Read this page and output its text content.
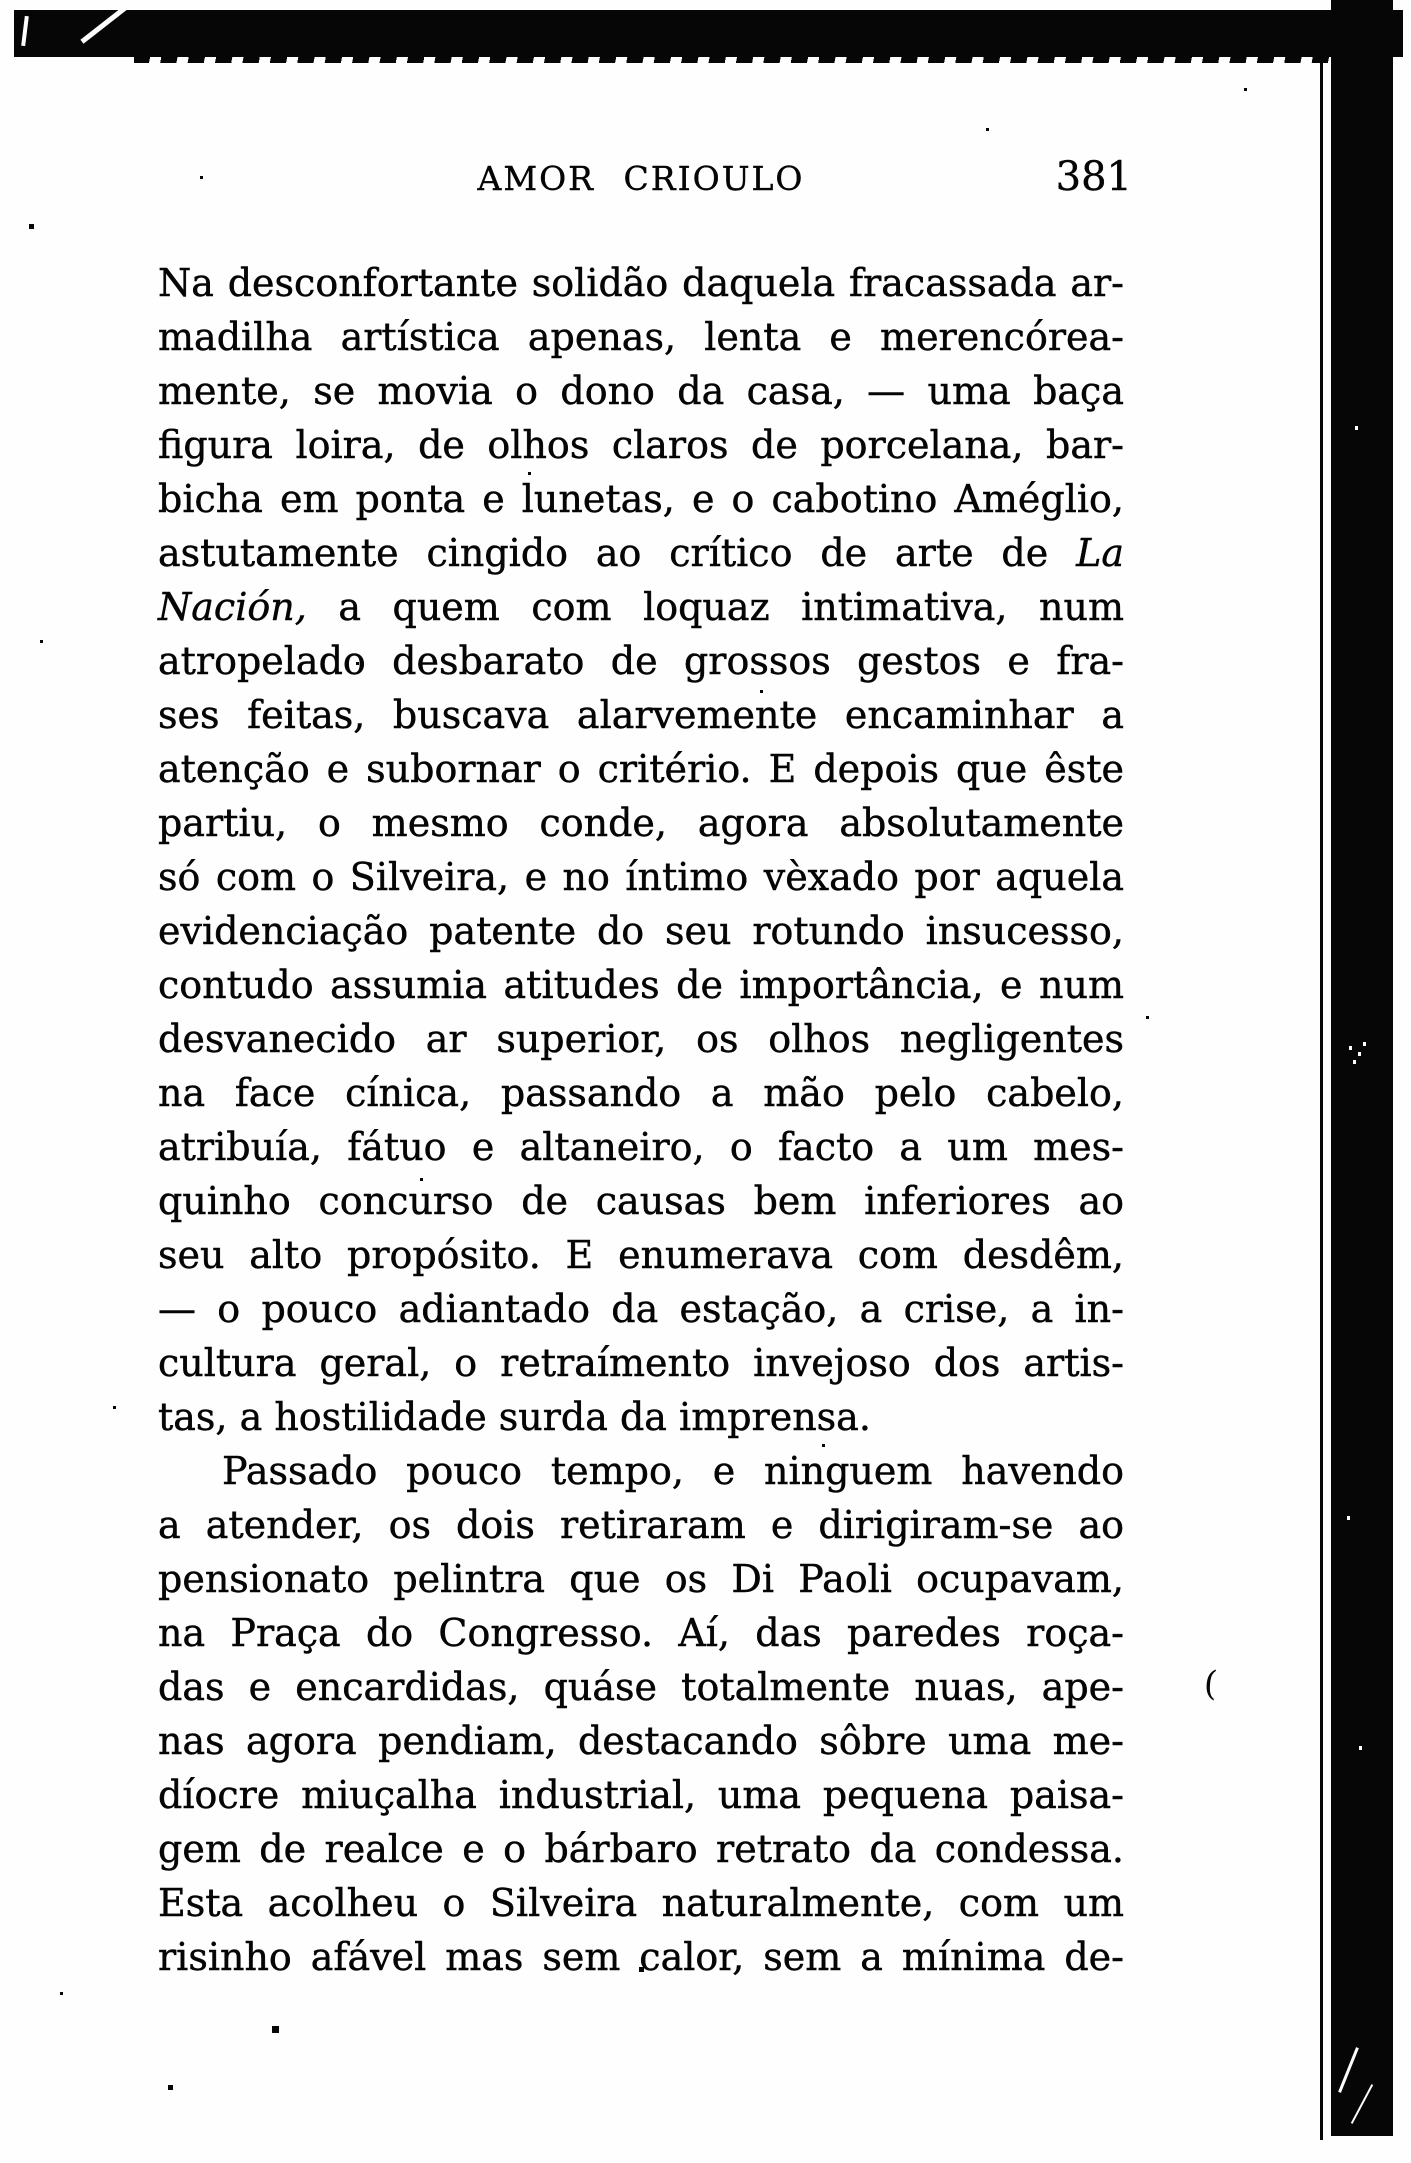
AMOR CRIOULO	381
Na desconfortante solidão daquela fracassada ar-
madilha artística apenas, lenta e merencórea-
mente, se movia o dono da casa, — uma baça
figura loira, de olhos claros de porcelana, bar-
bicha em ponta e lunetas, e o cabotino Améglio,
astutamente cingido ao crítico de arte de La
Nación, a quem com loquaz intimativa, num
atropelado desbarato de grossos gestos e fra-
ses feitas, buscava alarvemente encaminhar a
atenção e subornar o critério. E depois que êste
partiu, o mesmo conde, agora absolutamente
só com o Silveira, e no íntimo vèxado por aquela
evidenciação patente do seu rotundo insucesso,
contudo assumia atitudes de importância, e num
desvanecido ar superior, os olhos negligentes
na face cínica, passando a mão pelo cabelo,
atribuía, fátuo e altaneiro, o facto a um mes-
quinho concurso de causas bem inferiores ao
seu alto propósito. E enumerava com desdêm,
— o pouco adiantado da estação, a crise, a in-
cultura geral, o retraímento invejoso dos artis-
tas, a hostilidade surda da imprensa.
Passado pouco tempo, e ninguem havendo
a atender, os dois retiraram e dirigiram-se ao
pensionato pelintra que os Di Paoli ocupavam,
na Praça do Congresso. Aí, das paredes roça-
das e encardidas, quáse totalmente nuas, ape-
nas agora pendiam, destacando sôbre uma me-
díocre miuçalha industrial, uma pequena paisa-
gem de realce e o bárbaro retrato da condessa.
Esta acolheu o Silveira naturalmente, com um
risinho afável mas sem calor, sem a mínima de-
(
